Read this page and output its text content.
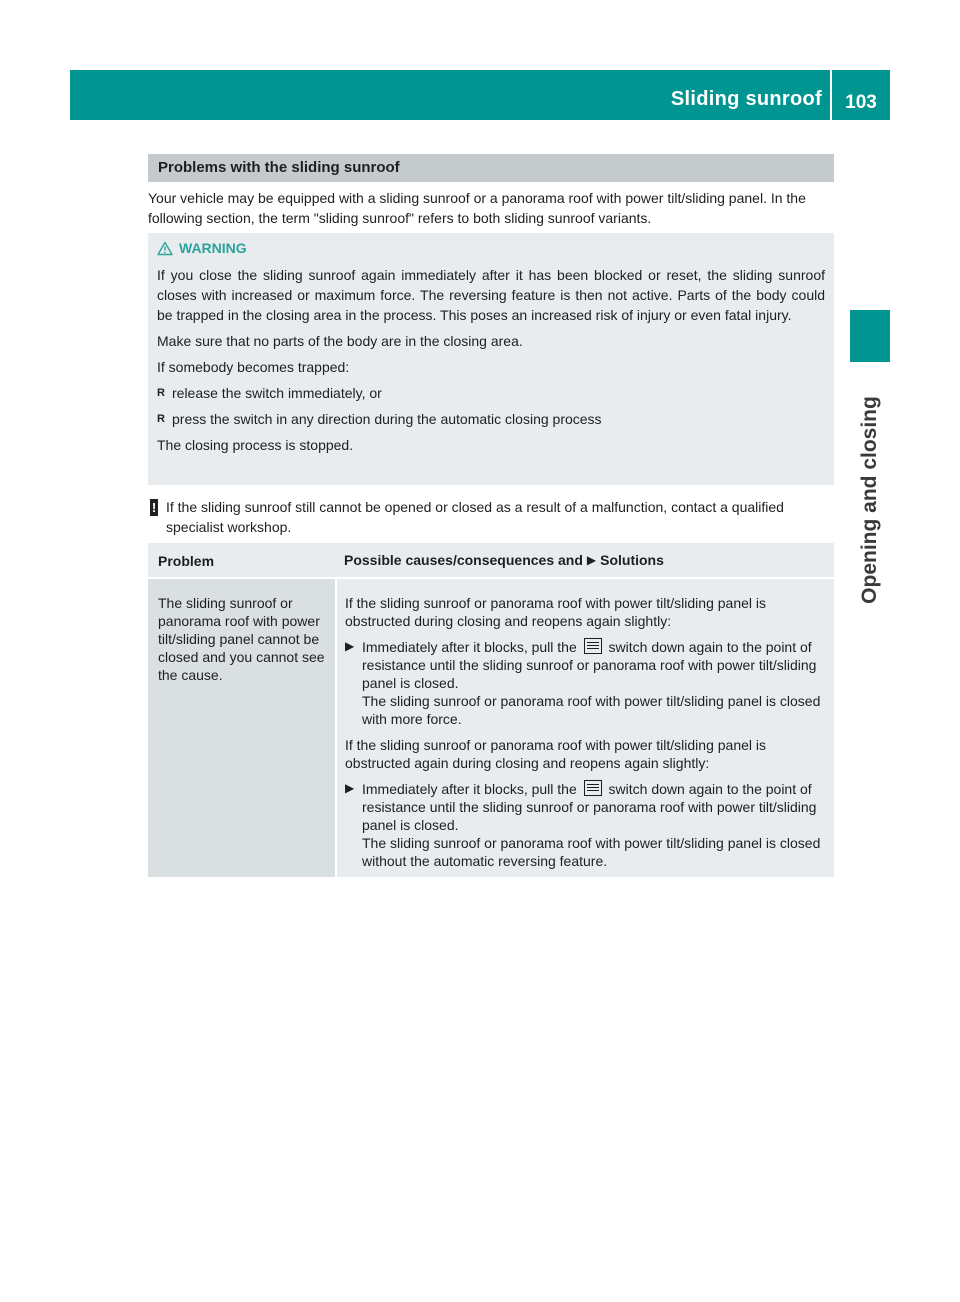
Sliding sunroof	103
Opening and closing
Problems with the sliding sunroof
Your vehicle may be equipped with a sliding sunroof or a panorama roof with power tilt/sliding panel. In the following section, the term "sliding sunroof" refers to both sliding sunroof variants.
WARNING

If you close the sliding sunroof again immediately after it has been blocked or reset, the sliding sunroof closes with increased or maximum force. The reversing feature is then not active. Parts of the body could be trapped in the closing area in the process. This poses an increased risk of injury or even fatal injury.

Make sure that no parts of the body are in the closing area.

If somebody becomes trapped:

R release the switch immediately, or
R press the switch in any direction during the automatic closing process

The closing process is stopped.

! If the sliding sunroof still cannot be opened or closed as a result of a malfunction, contact a qualified specialist workshop.
Problem	Possible causes/consequences and ▶ Solutions
The sliding sunroof or panorama roof with power tilt/sliding panel cannot be closed and you cannot see the cause.

If the sliding sunroof or panorama roof with power tilt/sliding panel is obstructed during closing and reopens again slightly:

▶ Immediately after it blocks, pull the switch down again to the point of resistance until the sliding sunroof or panorama roof with power tilt/sliding panel is closed.
The sliding sunroof or panorama roof with power tilt/sliding panel is closed with more force.

If the sliding sunroof or panorama roof with power tilt/sliding panel is obstructed again during closing and reopens again slightly:

▶ Immediately after it blocks, pull the switch down again to the point of resistance until the sliding sunroof or panorama roof with power tilt/sliding panel is closed.
The sliding sunroof or panorama roof with power tilt/sliding panel is closed without the automatic reversing feature.
